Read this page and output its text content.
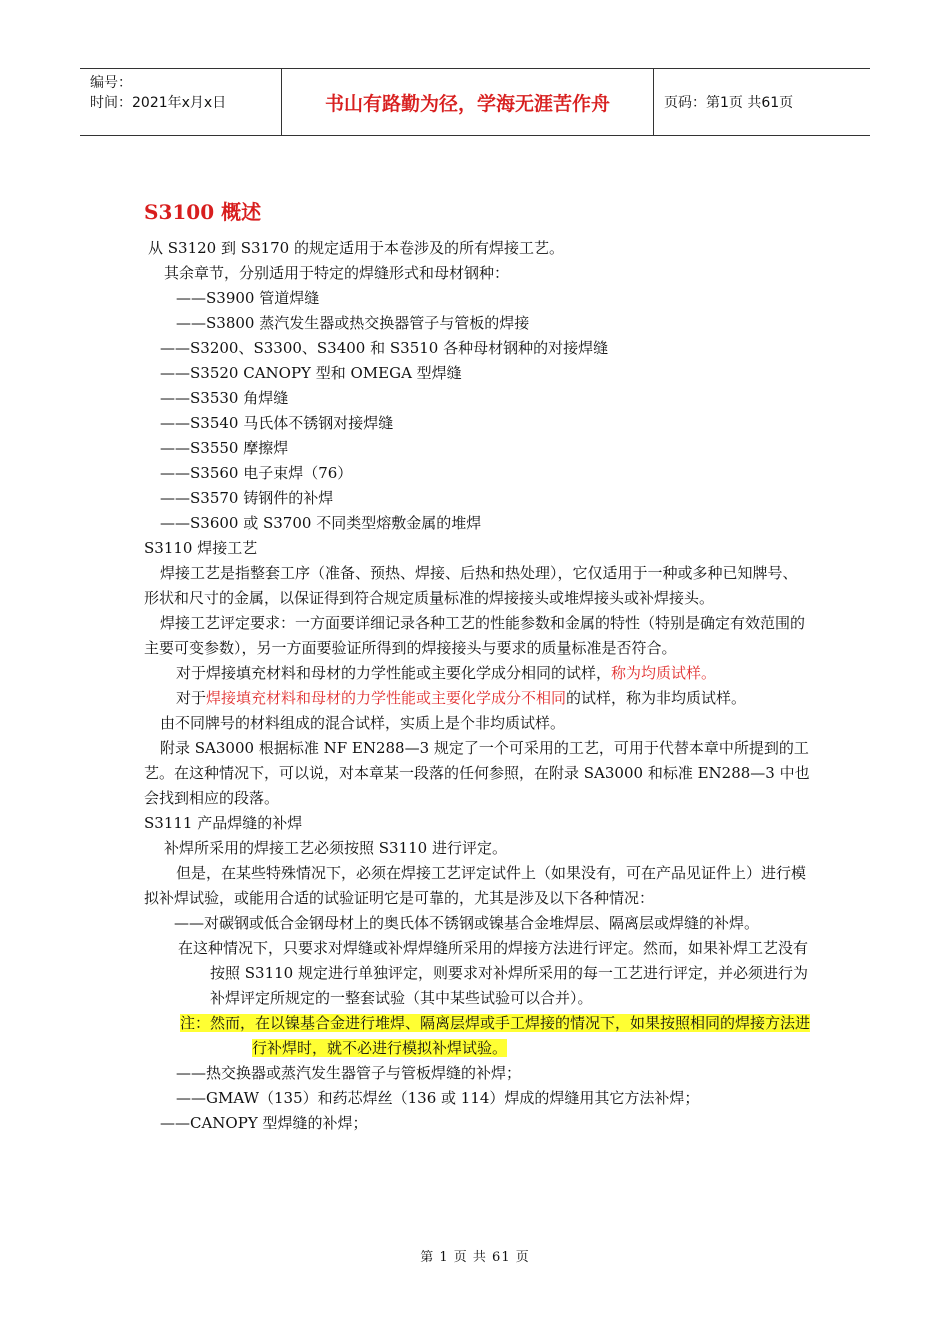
编号：
时间：2021年x月x日	书山有路勤为径，学海无涯苦作舟	页码：第1页 共61页
S3100 概述

从 S3120 到 S3170 的规定适用于本卷涉及的所有焊接工艺。

其余章节，分别适用于特定的焊缝形式和母材钢种：

——S3900 管道焊缝

——S3800 蒸汽发生器或热交换器管子与管板的焊接

——S3200、S3300、S3400 和 S3510 各种母材钢种的对接焊缝

——S3520 CANOPY 型和 OMEGA 型焊缝

——S3530 角焊缝

——S3540 马氏体不锈钢对接焊缝

——S3550 摩擦焊

——S3560 电子束焊（76）

——S3570 铸钢件的补焊

——S3600 或 S3700 不同类型熔敷金属的堆焊

S3110 焊接工艺

焊接工艺是指整套工序（准备、预热、焊接、后热和热处理），它仅适用于一种或多种已知牌号、形状和尺寸的金属，以保证得到符合规定质量标准的焊接接头或堆焊接头或补焊接头。

焊接工艺评定要求：一方面要详细记录各种工艺的性能参数和金属的特性（特别是确定有效范围的主要可变参数），另一方面要验证所得到的焊接接头与要求的质量标准是否符合。

对于焊接填充材料和母材的力学性能或主要化学成分相同的试样，称为均质试样。

对于焊接填充材料和母材的力学性能或主要化学成分不相同的试样，称为非均质试样。

由不同牌号的材料组成的混合试样，实质上是个非均质试样。

附录 SA3000 根据标准 NF EN288—3 规定了一个可采用的工艺，可用于代替本章中所提到的工艺。在这种情况下，可以说，对本章某一段落的任何参照，在附录 SA3000 和标准 EN288—3 中也会找到相应的段落。

S3111 产品焊缝的补焊

补焊所采用的焊接工艺必须按照 S3110 进行评定。

但是，在某些特殊情况下，必须在焊接工艺评定试件上（如果没有，可在产品见证件上）进行模拟补焊试验，或能用合适的试验证明它是可靠的，尤其是涉及以下各种情况：

——对碳钢或低合金钢母材上的奥氏体不锈钢或镍基合金堆焊层、隔离层或焊缝的补焊。

在这种情况下，只要求对焊缝或补焊焊缝所采用的焊接方法进行评定。然而，如果补焊工艺没有按照 S3110 规定进行单独评定，则要求对补焊所采用的每一工艺进行评定，并必须进行为补焊评定所规定的一整套试验（其中某些试验可以合并）。

注：然而，在以镍基合金进行堆焊、隔离层焊或手工焊接的情况下，如果按照相同的焊接方法进行补焊时，就不必进行模拟补焊试验。

——热交换器或蒸汽发生器管子与管板焊缝的补焊；

——GMAW（135）和药芯焊丝（136 或 114）焊成的焊缝用其它方法补焊；

——CANOPY 型焊缝的补焊；

第 1 页 共 61 页
